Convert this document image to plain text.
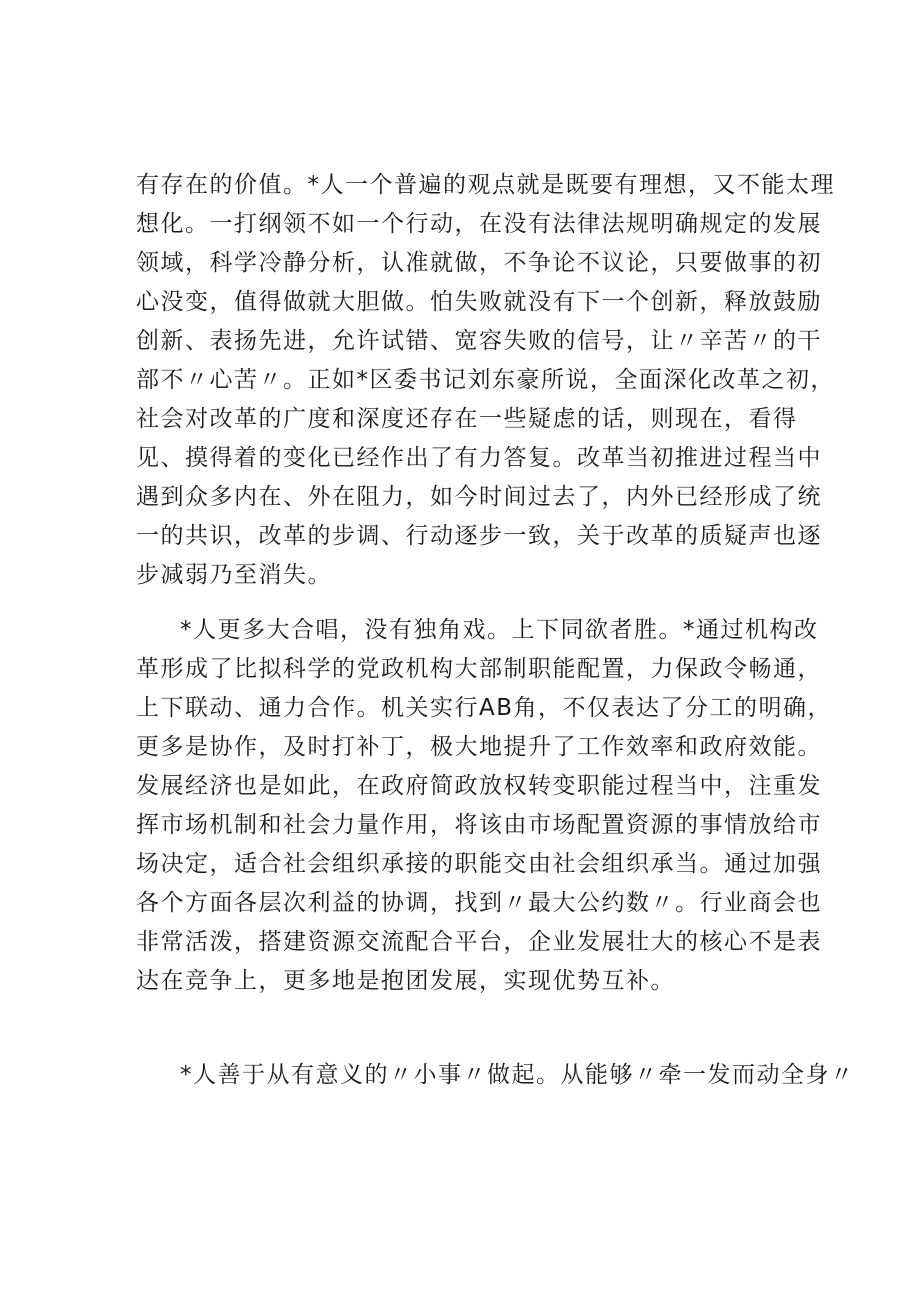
有存在的价值。*人一个普遍的观点就是既要有理想，又不能太理
想化。一打纲领不如一个行动，在没有法律法规明确规定的发展
领域，科学冷静分析，认准就做，不争论不议论，只要做事的初
心没变，值得做就大胆做。怕失败就没有下一个创新，释放鼓励
创新、表扬先进，允许试错、宽容失败的信号，让〃辛苦〃的干
部不〃心苦〃。正如*区委书记刘东豪所说，全面深化改革之初，
社会对改革的广度和深度还存在一些疑虑的话，则现在，看得
见、摸得着的变化已经作出了有力答复。改革当初推进过程当中
遇到众多内在、外在阻力，如今时间过去了，内外已经形成了统
一的共识，改革的步调、行动逐步一致，关于改革的质疑声也逐
步减弱乃至消失。
*人更多大合唱，没有独角戏。上下同欲者胜。*通过机构改
革形成了比拟科学的党政机构大部制职能配置，力保政令畅通，
上下联动、通力合作。机关实行AB角，不仅表达了分工的明确，
更多是协作，及时打补丁，极大地提升了工作效率和政府效能。
发展经济也是如此，在政府简政放权转变职能过程当中，注重发
挥市场机制和社会力量作用，将该由市场配置资源的事情放给市
场决定，适合社会组织承接的职能交由社会组织承当。通过加强
各个方面各层次利益的协调，找到〃最大公约数〃。行业商会也
非常活泼，搭建资源交流配合平台，企业发展壮大的核心不是表
达在竞争上，更多地是抱团发展，实现优势互补。
*人善于从有意义的〃小事〃做起。从能够〃牵一发而动全身〃
